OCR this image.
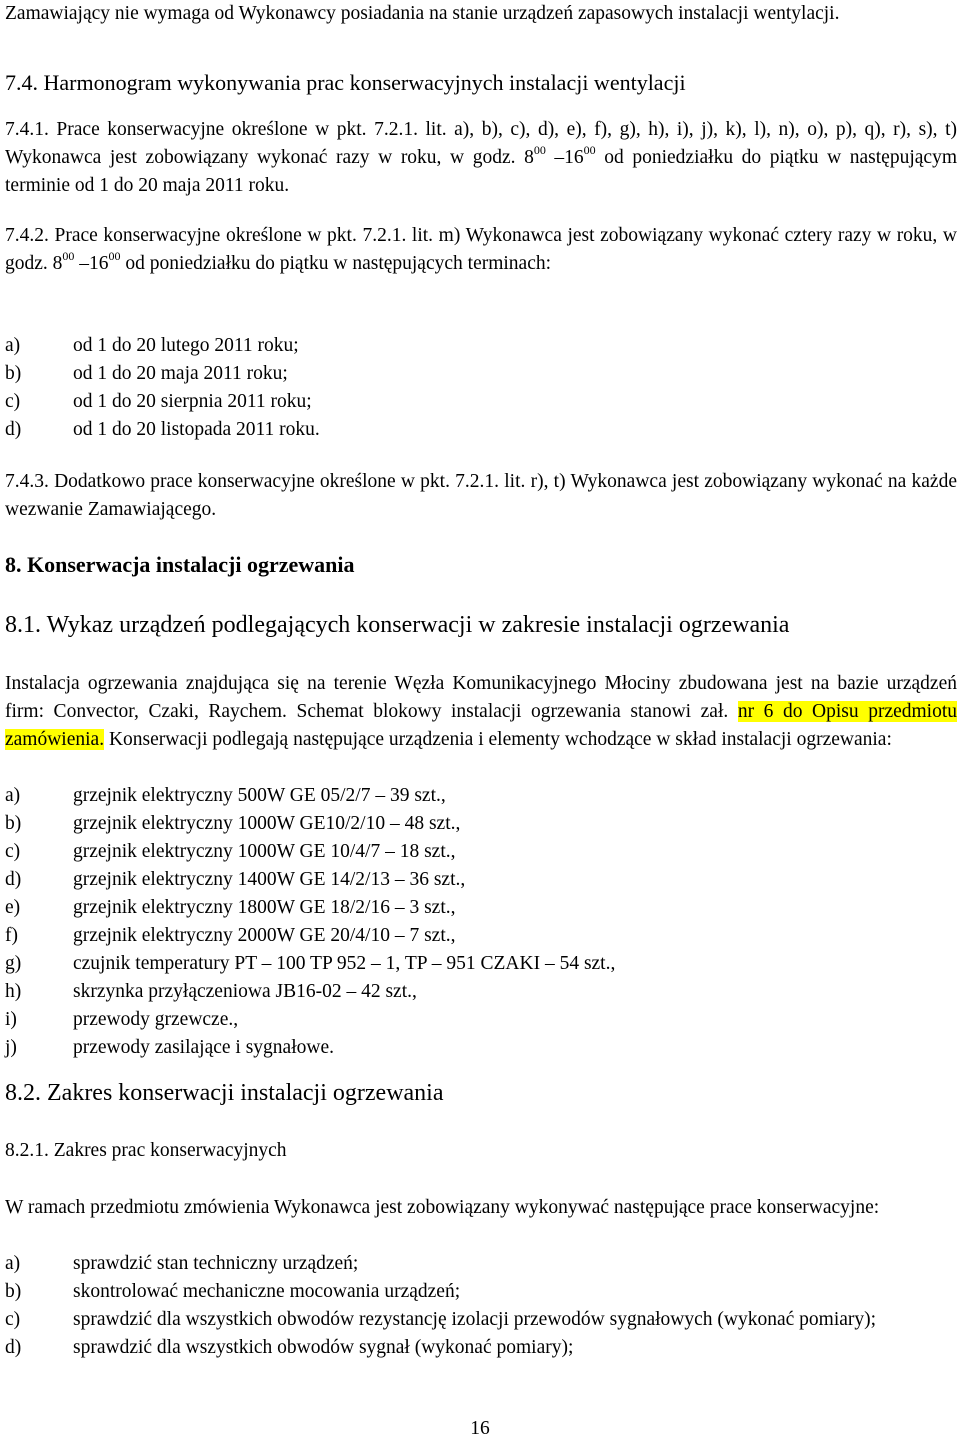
Zamawiający nie wymaga od Wykonawcy posiadania na stanie urządzeń zapasowych instalacji wentylacji.

7.4. Harmonogram wykonywania prac konserwacyjnych instalacji wentylacji

7.4.1. Prace konserwacyjne określone w pkt. 7.2.1. lit. a), b), c), d), e), f), g), h), i), j), k), l), n), o), p), q), r), s), t) Wykonawca jest zobowiązany wykonać razy w roku, w godz. $8^{00}$ $-16^{00}$ od poniedziałku do piątku w następującym terminie od 1 do 20 maja 2011 roku.

7.4.2. Prace konserwacyjne określone w pkt. 7.2.1. lit. m) Wykonawca jest zobowiązany wykonać cztery razy w roku, w godz. $8^{00}$ $-16^{00}$ od poniedziałku do piątku w następujących terminach:

a)	od 1 do 20 lutego 2011 roku;
b)	od 1 do 20 maja 2011 roku;
c)	od 1 do 20 sierpnia 2011 roku;
d)	od 1 do 20 listopada 2011 roku.

7.4.3. Dodatkowo prace konserwacyjne określone w pkt. 7.2.1. lit. r), t) Wykonawca jest zobowiązany wykonać na każde wezwanie Zamawiającego.

8. Konserwacja instalacji ogrzewania
8.1. Wykaz urządzeń podlegających konserwacji w zakresie instalacji ogrzewania

Instalacja ogrzewania znajdująca się na terenie Węzła Komunikacyjnego Młociny zbudowana jest na bazie urządzeń firm: Convector, Czaki, Raychem. Schemat blokowy instalacji ogrzewania stanowi zał. nr 6 do Opisu przedmiotu zamówienia. Konserwacji podlegają następujące urządzenia i elementy wchodzące w skład instalacji ogrzewania:

a)	grzejnik elektryczny 500W GE 05/2/7 – 39 szt.,
b)	grzejnik elektryczny 1000W GE10/2/10 – 48 szt.,
c)	grzejnik elektryczny 1000W GE 10/4/7 – 18 szt.,
d)	grzejnik elektryczny 1400W GE 14/2/13 – 36 szt.,
e)	grzejnik elektryczny 1800W GE 18/2/16 – 3 szt.,
f)	grzejnik elektryczny 2000W GE 20/4/10 – 7 szt.,
g)	czujnik temperatury PT – 100 TP 952 – 1, TP – 951 CZAKI – 54 szt.,
h)	skrzynka przyłączeniowa JB16-02 – 42 szt.,
i)	przewody grzewcze.,
j)	przewody zasilające i sygnałowe.
8.2. Zakres konserwacji instalacji ogrzewania
8.2.1. Zakres prac konserwacyjnych

W ramach przedmiotu zmówienia Wykonawca jest zobowiązany wykonywać następujące prace konserwacyjne:

a)	sprawdzić stan techniczny urządzeń;
b)	skontrolować mechaniczne mocowania urządzeń;
c)	sprawdzić dla wszystkich obwodów rezystancję izolacji przewodów sygnałowych (wykonać pomiary);
d)	sprawdzić dla wszystkich obwodów sygnał (wykonać pomiary);
16
